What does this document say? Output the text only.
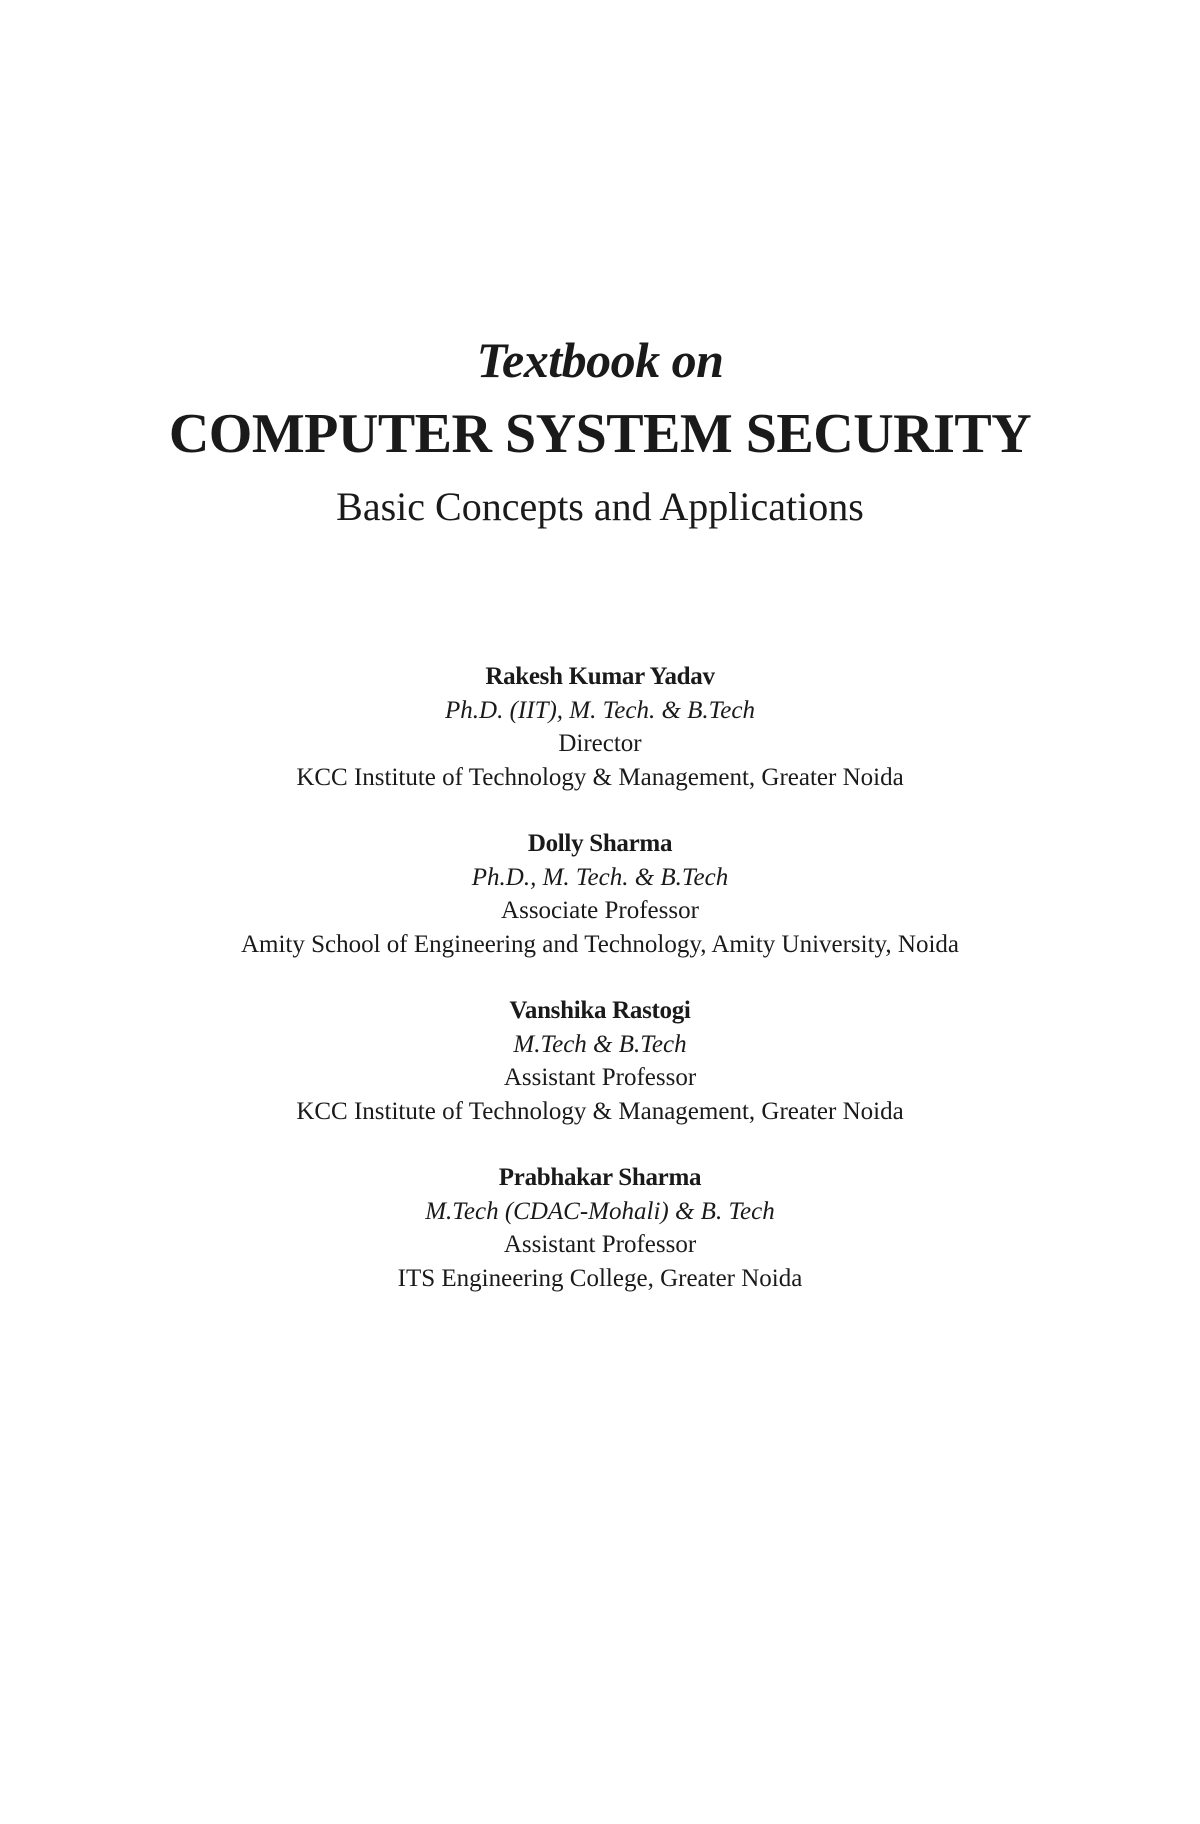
Textbook on
COMPUTER SYSTEM SECURITY
Basic Concepts and Applications
Rakesh Kumar Yadav
Ph.D. (IIT), M. Tech. & B.Tech
Director
KCC Institute of Technology & Management, Greater Noida
Dolly Sharma
Ph.D., M. Tech. & B.Tech
Associate Professor
Amity School of Engineering and Technology, Amity University, Noida
Vanshika Rastogi
M.Tech & B.Tech
Assistant Professor
KCC Institute of Technology & Management, Greater Noida
Prabhakar Sharma
M.Tech (CDAC-Mohali) & B. Tech
Assistant Professor
ITS Engineering College, Greater Noida
